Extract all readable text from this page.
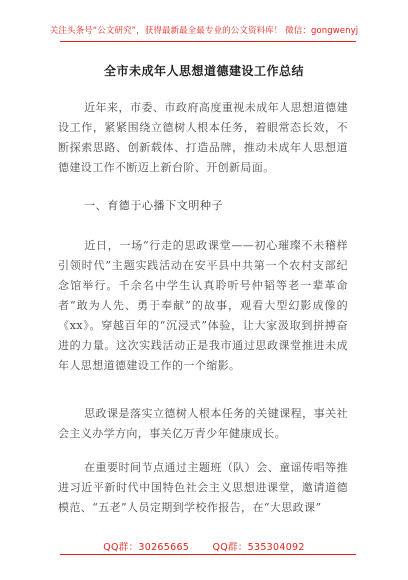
关注头条号“公文研究”，获得最新最全最专业的公文资料库！ 微信：gongwenyj
全市未成年人思想道德建设工作总结
近年来，市委、市政府高度重视未成年人思想道德建设工作，紧紧围绕立德树人根本任务，着眼常态长效，不断探索思路、创新载体、打造品牌，推动未成年人思想道德建设工作不断迈上新台阶、开创新局面。
一、育德于心播下文明种子
近日，一场“行走的思政课堂——初心璀璨不未稽样引领时代”主题实践活动在安平县中共第一个农村支部纪念馆举行。千余名中学生认真聆听号仲韬等老一辈革命者“敢为人先、勇于奉献”的故事，观看大型幻影成像的《xx》。穿越百年的“沉浸式”体验，让大家汲取到拼搏奋进的力量。这次实践活动正是我市通过思政课堂推进未成年人思想道德建设工作的一个缩影。
思政课是落实立德树人根本任务的关键课程，事关社会主义办学方向，事关亿万青少年健康成长。
在重要时间节点通过主题班（队）会、童谣传唱等推进习近平新时代中国特色社会主义思想进课堂，邀请道德模范、“五老”人员定期到学校作报告，在“大思政课”
QQ群：30265665 QQ群：535304092
